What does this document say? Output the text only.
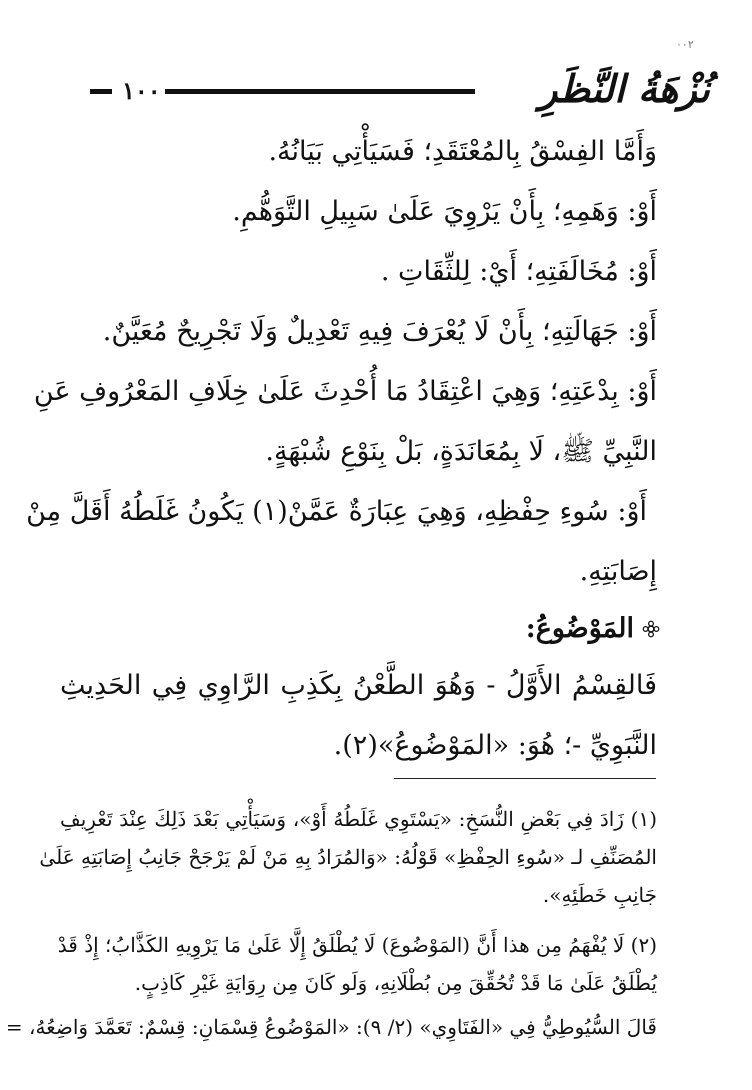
٠٠٢
نُزْهَةُ النَّظَرِ
١٠٠
وَأَمَّا الفِسْقُ بِالمُعْتَقَدِ؛ فَسَيَأْتِي بَيَانُهُ.
أَوْ: وَهَمِهِ؛ بِأَنْ يَرْوِيَ عَلَىٰ سَبِيلِ التَّوَهُّمِ.
أَوْ: مُخَالَفَتِهِ؛ أَيْ: لِلثِّقَاتِ .
أَوْ: جَهَالَتِهِ؛ بِأَنْ لَا يُعْرَفَ فِيهِ تَعْدِيلٌ وَلَا تَجْرِيحٌ مُعَيَّنٌ.
أَوْ: بِدْعَتِهِ؛ وَهِيَ اعْتِقَادُ مَا أُحْدِثَ عَلَىٰ خِلَافِ المَعْرُوفِ عَنِ
النَّبِيِّ ﷺ، لَا بِمُعَانَدَةٍ، بَلْ بِنَوْعِ شُبْهَةٍ.
أَوْ: سُوءِ حِفْظِهِ، وَهِيَ عِبَارَةٌ عَمَّنْ(١) يَكُونُ غَلَطُهُ أَقَلَّ مِنْ
إِصَابَتِهِ.
المَوْضُوعُ:
فَالقِسْمُ الأَوَّلُ - وَهُوَ الطَّعْنُ بِكَذِبِ الرَّاوِي فِي الحَدِيثِ
النَّبَوِيِّ -؛ هُوَ: «المَوْضُوعُ»(٢).
(١) زَادَ فِي بَعْضِ النُّسَخِ: «يَسْتَوِي غَلَطُهُ أَوْ»، وَسَيَأْتِي بَعْدَ ذَلِكَ عِنْدَ تَعْرِيفِ
المُصَنِّفِ لـ «سُوءِ الحِفْظِ» قَوْلُهُ: «وَالمُرَادُ بِهِ مَنْ لَمْ يَرْجَحْ جَانِبُ إِصَابَتِهِ عَلَىٰ
جَانِبِ خَطَئِهِ».
(٢) لَا يُفْهَمُ مِن هذا أَنَّ (المَوْضُوعَ) لَا يُطْلَقُ إِلَّا عَلَىٰ مَا يَرْوِيهِ الكَذَّابُ؛ إِذْ قَدْ
يُطْلَقُ عَلَىٰ مَا قَدْ تُحُقِّقَ مِن بُطْلَانِهِ، وَلَو كَانَ مِن رِوَايَةِ غَيْرِ كَاذِبٍ.
قَالَ السُّيُوطِيُّ فِي «الفَتَاوِي» (٢/ ٩): «المَوْضُوعُ قِسْمَانِ: قِسْمٌ: تَعَمَّدَ وَاضِعُهُ، =
